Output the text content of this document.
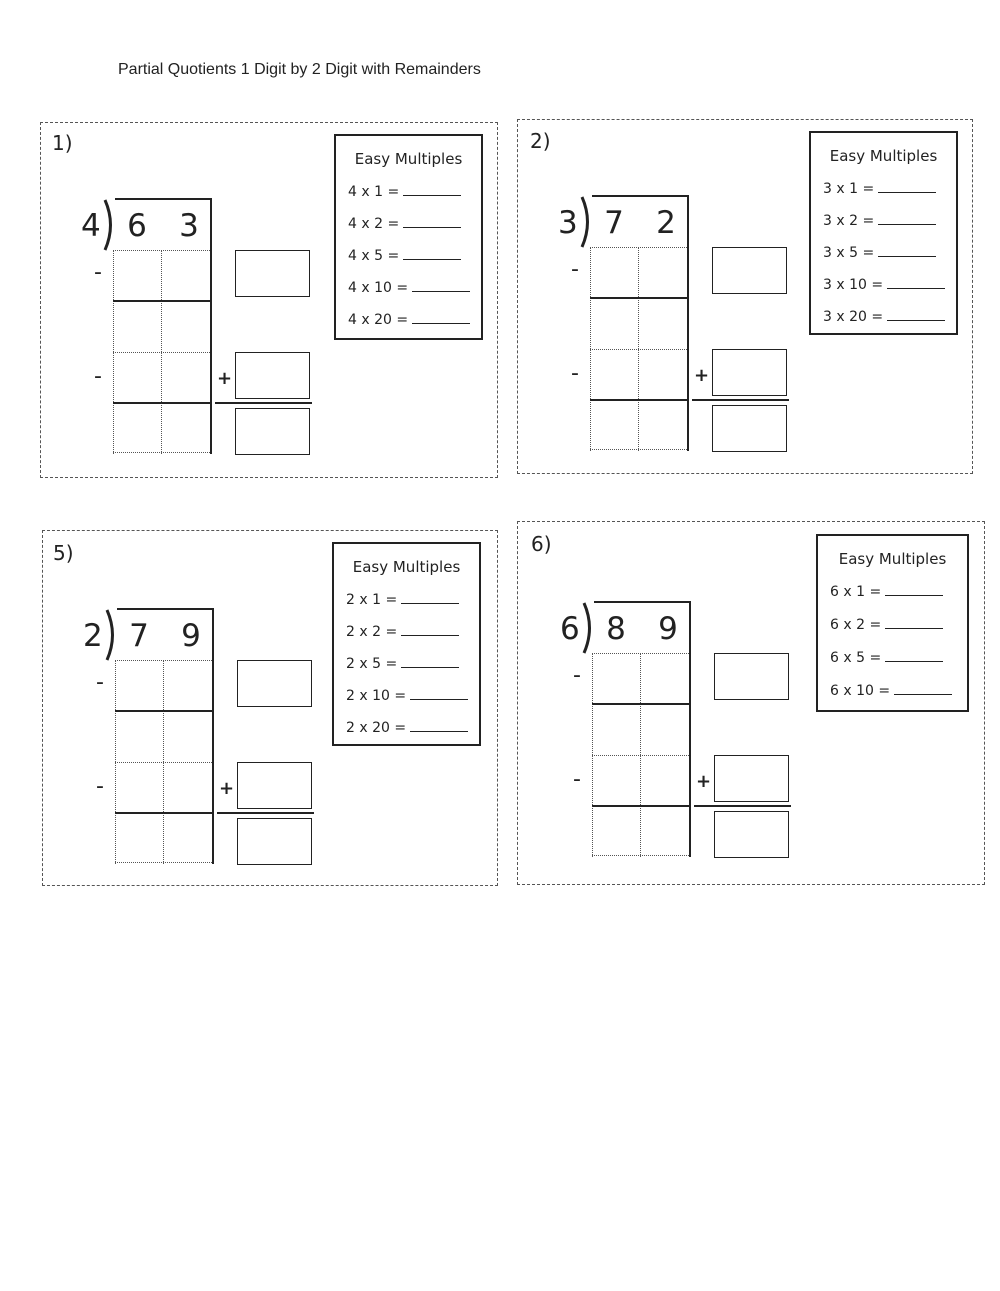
Partial Quotients 1 Digit by 2 Digit with Remainders
1)
4 6	3
-
-	+
Easy Multiples
4 x 1 =
4 x 2 =
4 x 5 =
4 x 10 =
4 x 20 =
2)
3 7	2
-
-	+
Easy Multiples
3 x 1 =
3 x 2 =
3 x 5 =
3 x 10 =
3 x 20 =
5)
2 7	9
-
-	+
Easy Multiples
2 x 1 =
2 x 2 =
2 x 5 =
2 x 10 =
2 x 20 =
6)
6 8	9
-
-	+
Easy Multiples
6 x 1 =
6 x 2 =
6 x 5 =
6 x 10 =
